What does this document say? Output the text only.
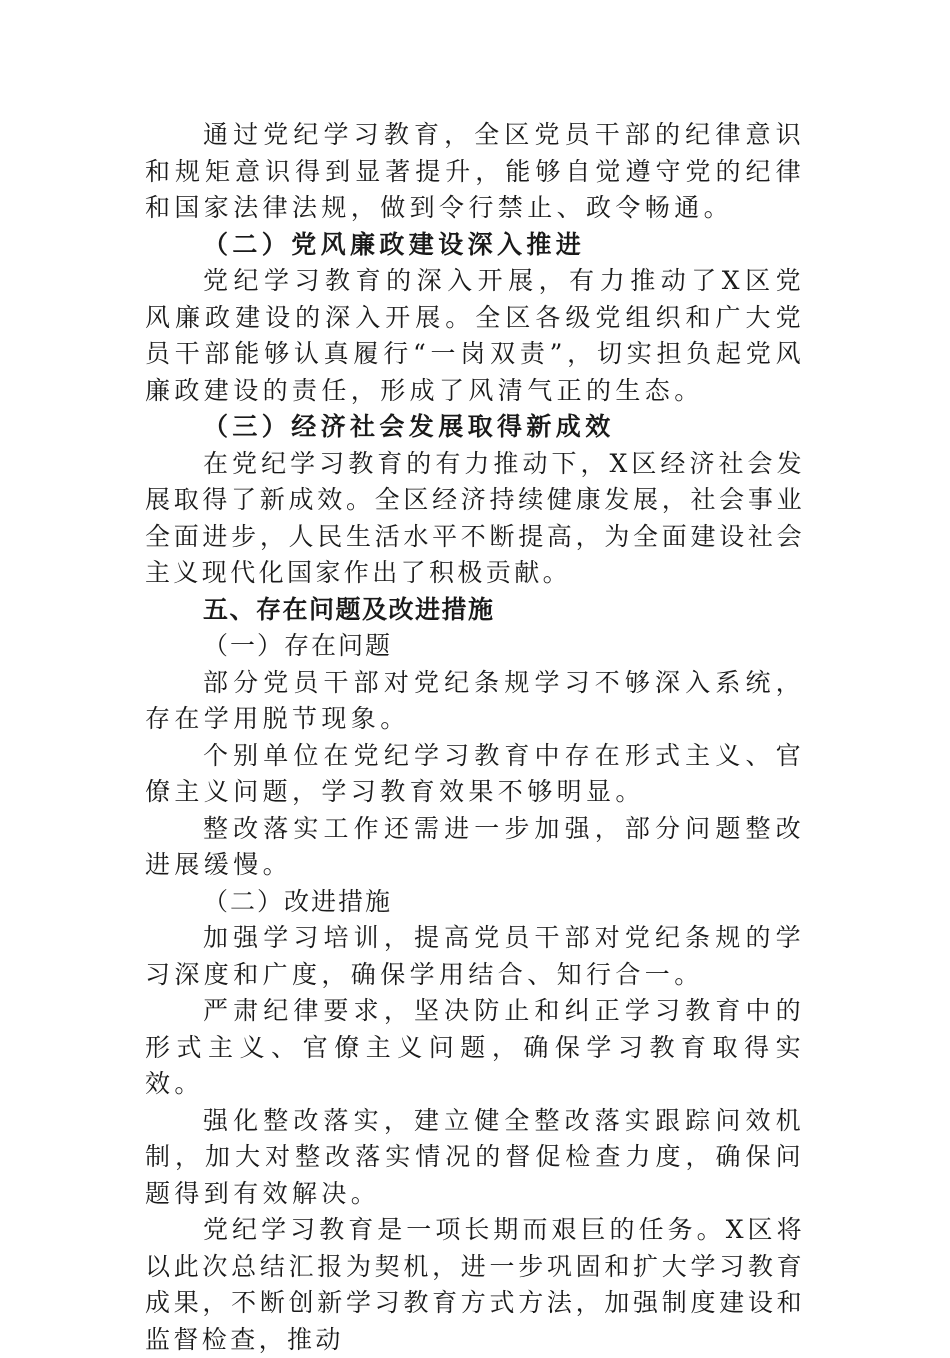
通过党纪学习教育，全区党员干部的纪律意识和规矩意识得到显著提升，能够自觉遵守党的纪律和国家法律法规，做到令行禁止、政令畅通。

（二）党风廉政建设深入推进

党纪学习教育的深入开展，有力推动了X区党风廉政建设的深入开展。全区各级党组织和广大党员干部能够认真履行“一岗双责”，切实担负起党风廉政建设的责任，形成了风清气正的生态。

（三）经济社会发展取得新成效

在党纪学习教育的有力推动下，X区经济社会发展取得了新成效。全区经济持续健康发展，社会事业全面进步，人民生活水平不断提高，为全面建设社会主义现代化国家作出了积极贡献。

五、存在问题及改进措施

（一）存在问题

部分党员干部对党纪条规学习不够深入系统，存在学用脱节现象。

个别单位在党纪学习教育中存在形式主义、官僚主义问题，学习教育效果不够明显。

整改落实工作还需进一步加强，部分问题整改进展缓慢。

（二）改进措施

加强学习培训，提高党员干部对党纪条规的学习深度和广度，确保学用结合、知行合一。

严肃纪律要求，坚决防止和纠正学习教育中的形式主义、官僚主义问题，确保学习教育取得实效。

强化整改落实，建立健全整改落实跟踪问效机制，加大对整改落实情况的督促检查力度，确保问题得到有效解决。

党纪学习教育是一项长期而艰巨的任务。X区将以此次总结汇报为契机，进一步巩固和扩大学习教育成果，不断创新学习教育方式方法，加强制度建设和监督检查，推动
